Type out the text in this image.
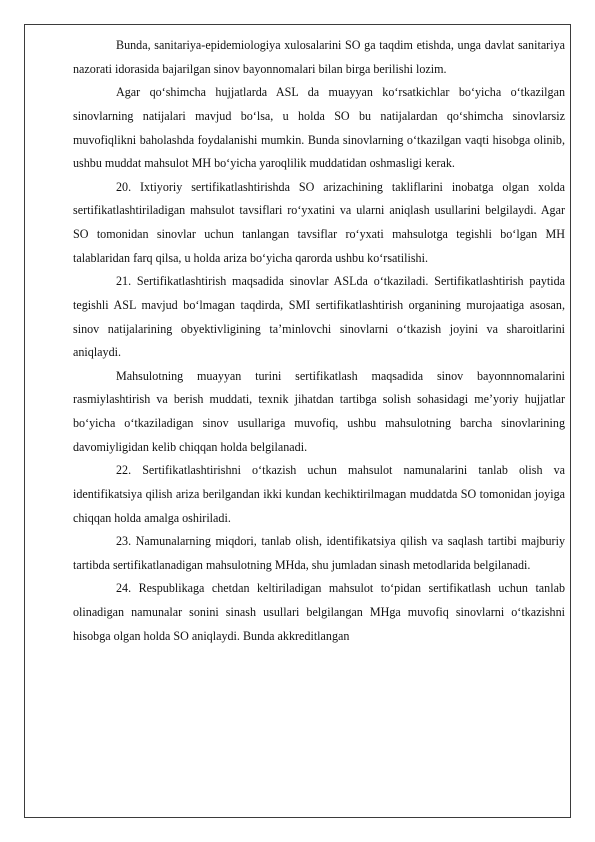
Bunda, sanitariya-epidemiologiya xulosalarini SO ga taqdim etishda, unga davlat sanitariya nazorati idorasida bajarilgan sinov bayonnomalari bilan birga berilishi lozim.

Agar qo‘shimcha hujjatlarda ASL da muayyan ko‘rsatkichlar bo‘yicha o‘tkazilgan sinovlarning natijalari mavjud bo‘lsa, u holda SO bu natijalardan qo‘shimcha sinovlarsiz muvofiqlikni baholashda foydalanishi mumkin. Bunda sinovlarning o‘tkazilgan vaqti hisobga olinib, ushbu muddat mahsulot MH bo‘yicha yaroqlilik muddatidan oshmasligi kerak.

20. Ixtiyoriy sertifikatlashtirishda SO arizachining takliflarini inobatga olgan xolda sertifikatlashtiriladigan mahsulot tavsiflari ro‘yxatini va ularni aniqlash usullarini belgilaydi. Agar SO tomonidan sinovlar uchun tanlangan tavsiflar ro‘yxati mahsulotga tegishli bo‘lgan MH talablaridan farq qilsa, u holda ariza bo‘yicha qarorda ushbu ko‘rsatilishi.

21. Sertifikatlashtirish maqsadida sinovlar ASLda o‘tkaziladi. Sertifikatlashtirish paytida tegishli ASL mavjud bo‘lmagan taqdirda, SMI sertifikatlashtirish organining murojaatiga asosan, sinov natijalarining obyektivligining ta’minlovchi sinovlarni o‘tkazish joyini va sharoitlarini aniqlaydi.

Mahsulotning muayyan turini sertifikatlash maqsadida sinov bayonnnomalarini rasmiylashtirish va berish muddati, texnik jihatdan tartibga solish sohasidagi me’yoriy hujjatlar bo‘yicha o‘tkaziladigan sinov usullariga muvofiq, ushbu mahsulotning barcha sinovlarining davomiyligidan kelib chiqqan holda belgilanadi.

22. Sertifikatlashtirishni o‘tkazish uchun mahsulot namunalarini tanlab olish va identifikatsiya qilish ariza berilgandan ikki kundan kechiktirilmagan muddatda SO tomonidan joyiga chiqqan holda amalga oshiriladi.

23. Namunalarning miqdori, tanlab olish, identifikatsiya qilish va saqlash tartibi majburiy tartibda sertifikatlanadigan mahsulotning MHda, shu jumladan sinash metodlarida belgilanadi.

24. Respublikaga chetdan keltiriladigan mahsulot to‘pidan sertifikatlash uchun tanlab olinadigan namunalar sonini sinash usullari belgilangan MHga muvofiq sinovlarni o‘tkazishni hisobga olgan holda SO aniqlaydi. Bunda akkreditlangan
